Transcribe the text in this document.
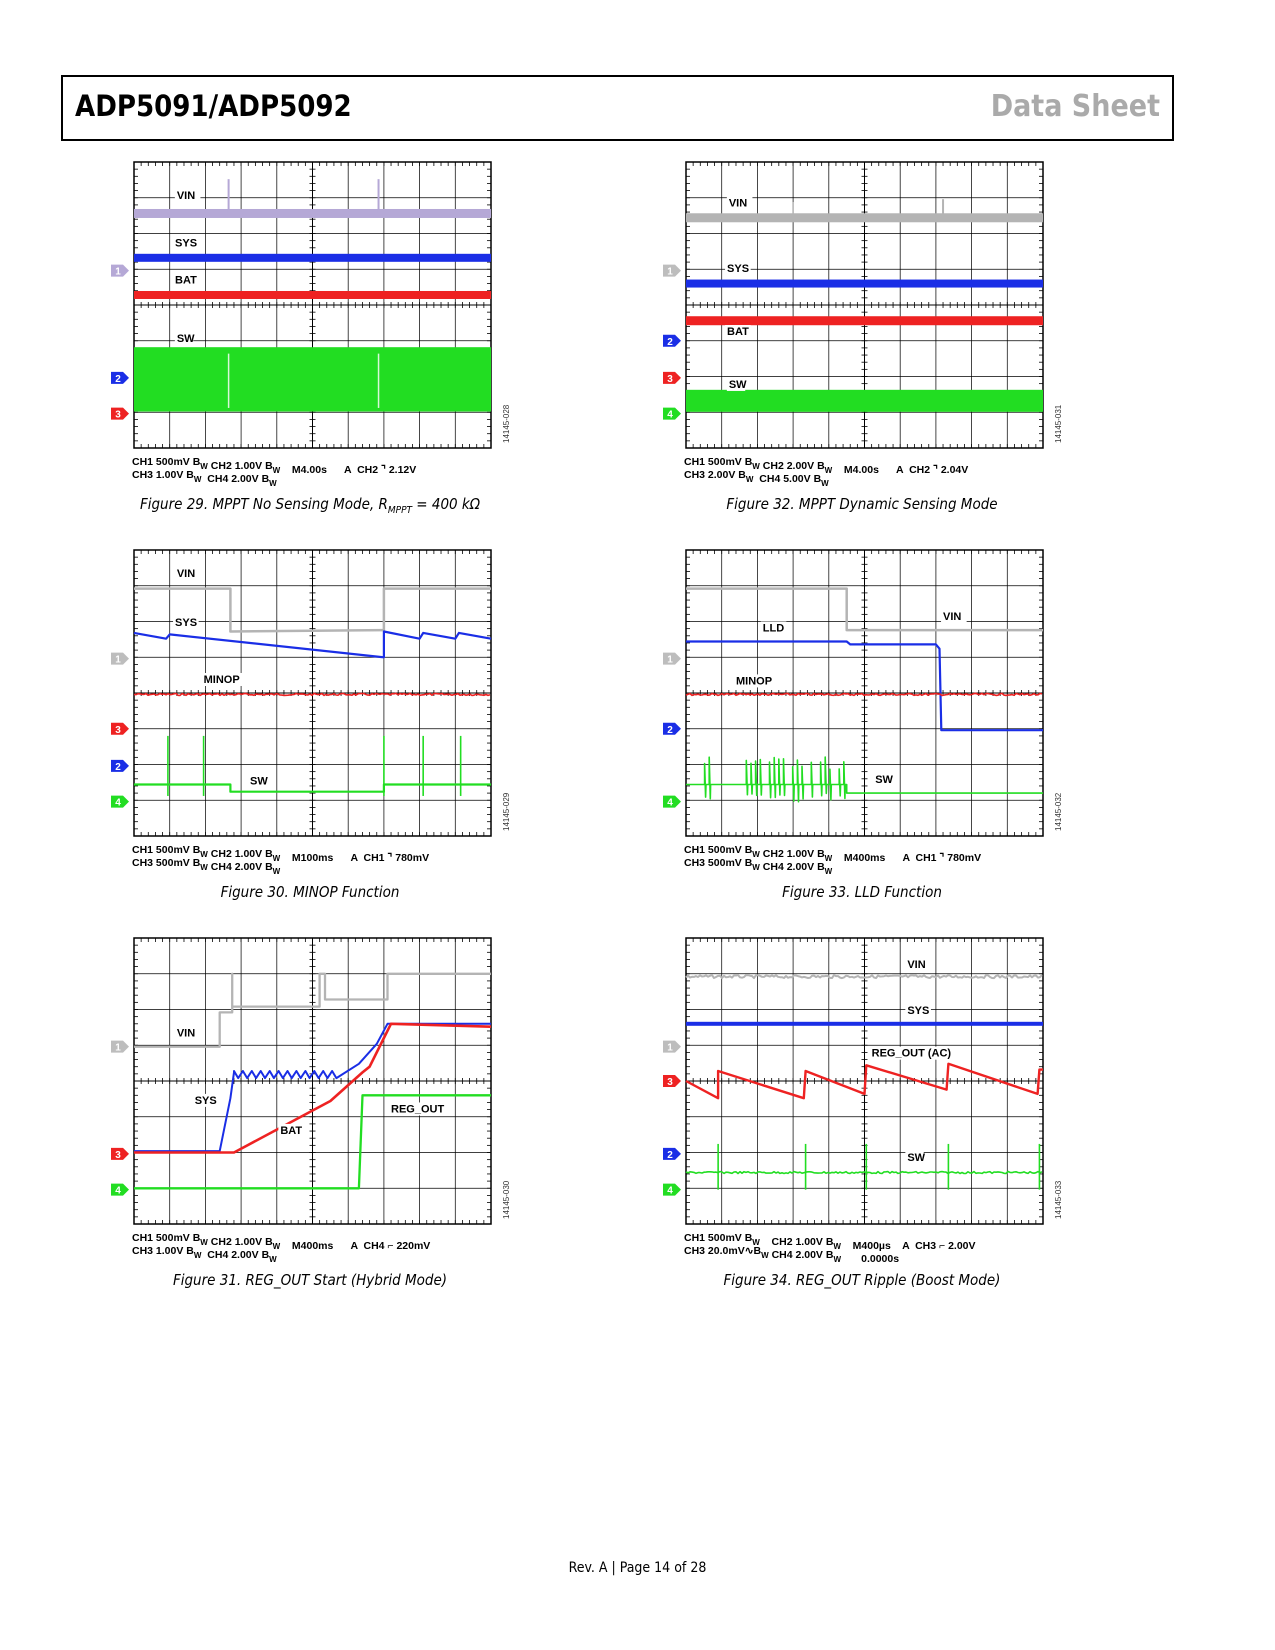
ADP5091/ADP5092	Data Sheet
VIN
SYS
BAT
SW
1
2
3
CH1 500mV $B_W$ CH2 1.00V $B_W$    M4.00s      A  CH2 ⌝ 2.12V
CH3 1.00V $B_W$  CH4 2.00V $B_W$
14145-028
VIN
SYS
BAT
SW
1
2
3
4
CH1 500mV $B_W$ CH2 2.00V $B_W$    M4.00s      A  CH2 ⌝ 2.04V
CH3 2.00V $B_W$  CH4 5.00V $B_W$
14145-031
VIN
SYS
MINOP
SW
1
3
2
4
CH1 500mV $B_W$ CH2 1.00V $B_W$    M100ms      A  CH1 ⌝ 780mV
CH3 500mV $B_W$ CH4 2.00V $B_W$
14145-029
VIN
LLD
MINOP
SW
1
2
4
CH1 500mV $B_W$ CH2 1.00V $B_W$    M400ms      A  CH1 ⌝ 780mV
CH3 500mV $B_W$ CH4 2.00V $B_W$
14145-032
VIN
SYS
BAT
REG_OUT
1
3
4
CH1 500mV $B_W$ CH2 1.00V $B_W$    M400ms      A  CH4 ⌐ 220mV
CH3 1.00V $B_W$  CH4 2.00V $B_W$
14145-030
VIN
SYS
REG_OUT (AC)
SW
1
3
2
4
CH1 500mV $B_W$    CH2 1.00V $B_W$    M400µs    A  CH3 ⌐ 2.00V
CH3 $20.0mV∿B_W$ CH4 2.00V $B_W$ T0.0000s
14145-033
Figure 29. MPPT No Sensing Mode, $R_{MPPT} = 400$ kΩ	Figure 32. MPPT Dynamic Sensing Mode
Figure 30. MINOP Function	Figure 33. LLD Function
Figure 31. REG_OUT Start (Hybrid Mode)	Figure 34. REG_OUT Ripple (Boost Mode)
Rev. A | Page 14 of 28
